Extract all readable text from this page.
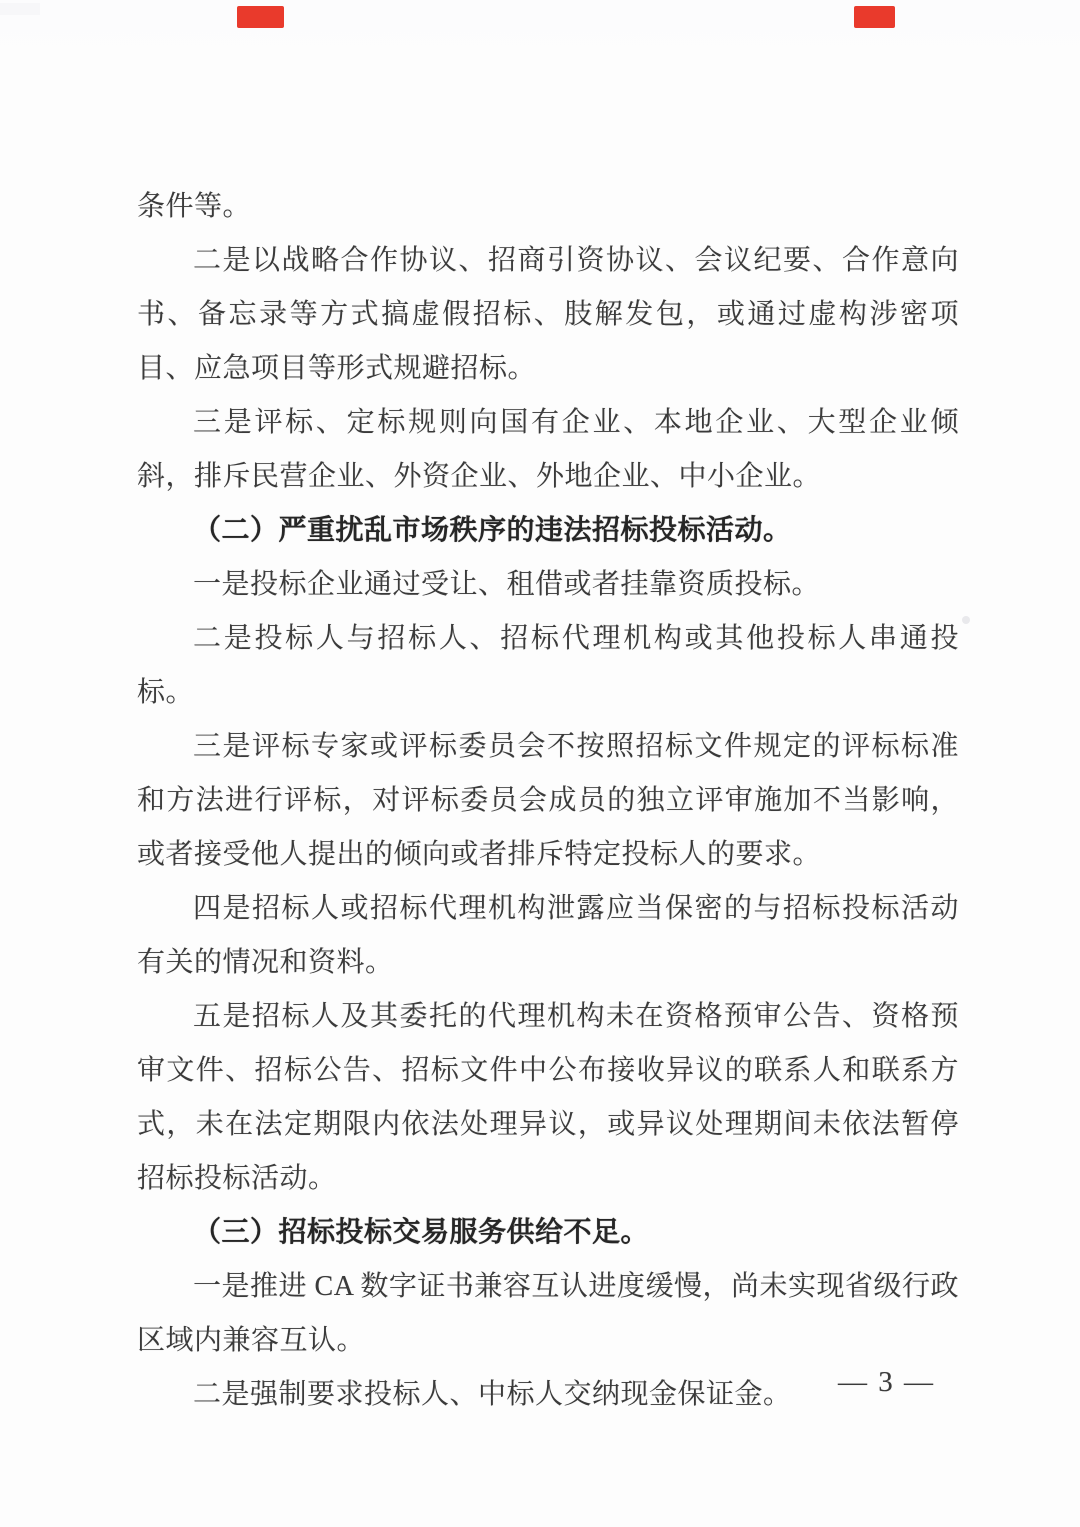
条件等。

二是以战略合作协议、招商引资协议、会议纪要、合作意向书、备忘录等方式搞虚假招标、肢解发包，或通过虚构涉密项目、应急项目等形式规避招标。

三是评标、定标规则向国有企业、本地企业、大型企业倾斜，排斥民营企业、外资企业、外地企业、中小企业。

（二）严重扰乱市场秩序的违法招标投标活动。

一是投标企业通过受让、租借或者挂靠资质投标。

二是投标人与招标人、招标代理机构或其他投标人串通投标。

三是评标专家或评标委员会不按照招标文件规定的评标标准和方法进行评标，对评标委员会成员的独立评审施加不当影响，或者接受他人提出的倾向或者排斥特定投标人的要求。

四是招标人或招标代理机构泄露应当保密的与招标投标活动有关的情况和资料。

五是招标人及其委托的代理机构未在资格预审公告、资格预审文件、招标公告、招标文件中公布接收异议的联系人和联系方式，未在法定期限内依法处理异议，或异议处理期间未依法暂停招标投标活动。

（三）招标投标交易服务供给不足。

一是推进 CA 数字证书兼容互认进度缓慢，尚未实现省级行政区域内兼容互认。

二是强制要求投标人、中标人交纳现金保证金。	— 3 —
